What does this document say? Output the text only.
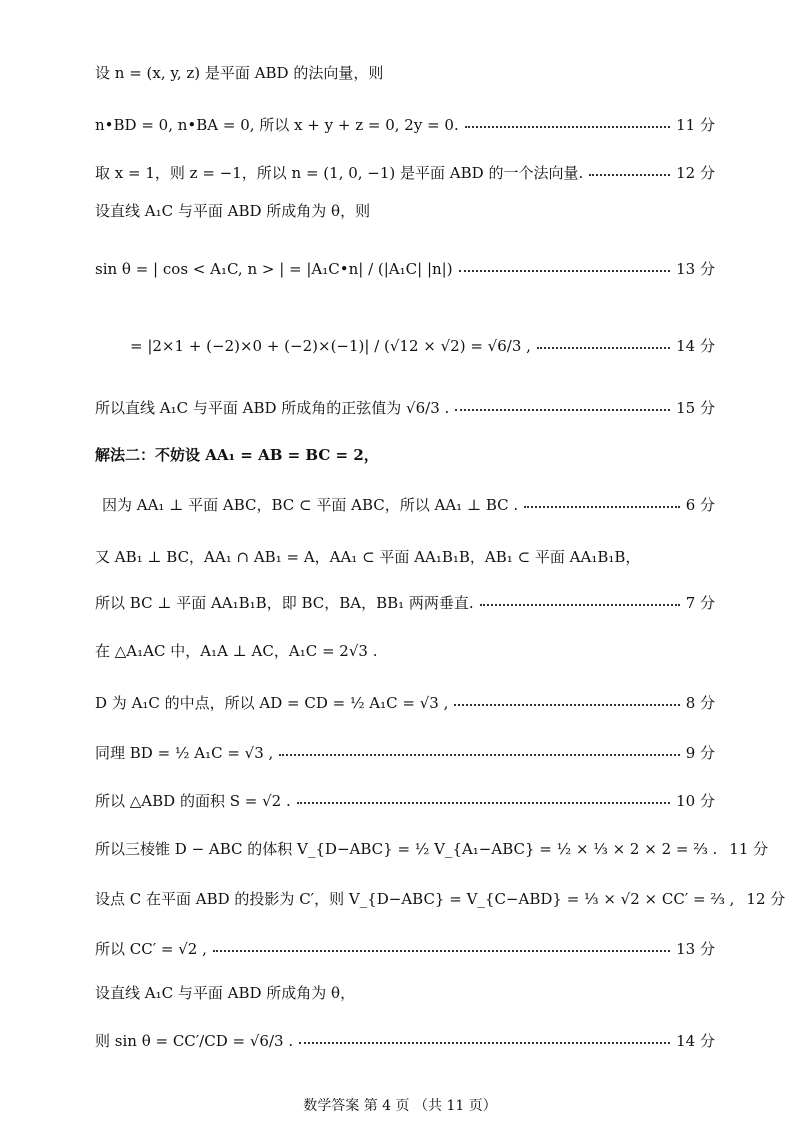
设 n = (x, y, z) 是平面 ABD 的法向量，则
n•BD = 0, n•BA = 0, 所以 x + y + z = 0, 2y = 0.	11 分
取 x = 1，则 z = −1，所以 n = (1, 0, −1) 是平面 ABD 的一个法向量.	12 分
设直线 A₁C 与平面 ABD 所成角为 θ，则
sin θ = | cos < A₁C, n > | = |A₁C•n| / (|A₁C| |n|)	13 分
= |2×1 + (−2)×0 + (−2)×(−1)| / (√12 × √2) = √6/3 ,	14 分
所以直线 A₁C 与平面 ABD 所成角的正弦值为 √6/3 .	15 分
解法二：不妨设 AA₁ = AB = BC = 2，
因为 AA₁ ⊥ 平面 ABC，BC ⊂ 平面 ABC，所以 AA₁ ⊥ BC .	6 分
又 AB₁ ⊥ BC，AA₁ ∩ AB₁ = A，AA₁ ⊂ 平面 AA₁B₁B，AB₁ ⊂ 平面 AA₁B₁B，
所以 BC ⊥ 平面 AA₁B₁B，即 BC，BA，BB₁ 两两垂直.	7 分
在 △A₁AC 中，A₁A ⊥ AC，A₁C = 2√3 .
D 为 A₁C 的中点，所以 AD = CD = ½ A₁C = √3 ,	8 分
同理 BD = ½ A₁C = √3 ,	9 分
所以 △ABD 的面积 S = √2 .	10 分
所以三棱锥 D − ABC 的体积 V_{D−ABC} = ½ V_{A₁−ABC} = ½ × ⅓ × 2 × 2 = ⅔ . 11 分
设点 C 在平面 ABD 的投影为 C′，则 V_{D−ABC} = V_{C−ABD} = ⅓ × √2 × CC′ = ⅔ , 12 分
所以 CC′ = √2 ,	13 分
设直线 A₁C 与平面 ABD 所成角为 θ，
则 sin θ = CC′/CD = √6/3 .	14 分
数学答案 第 4 页 （共 11 页）
